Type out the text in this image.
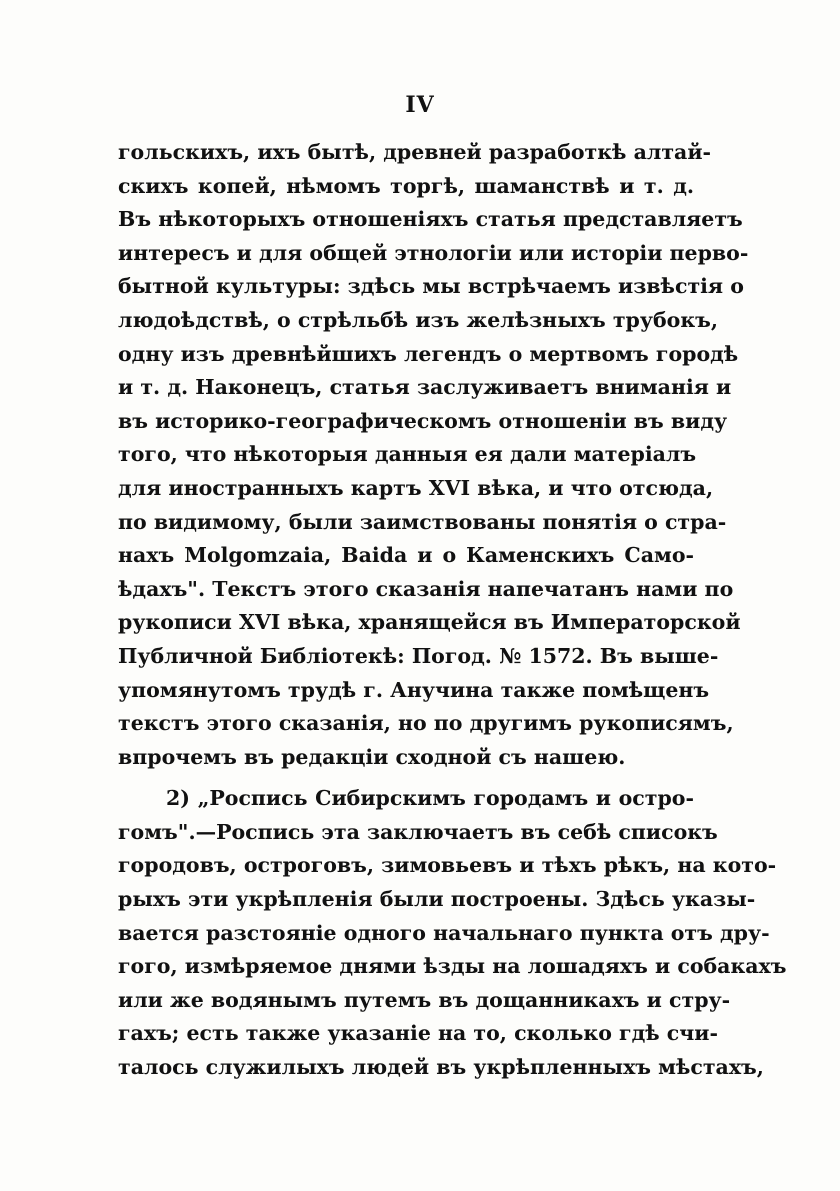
IV
гольскихъ, ихъ бытѣ, древней разработкѣ алтай-
скихъ копей, нѣмомъ торгѣ, шаманствѣ и т. д.
Въ нѣкоторыхъ отношеніяхъ статья представляетъ
интересъ и для общей этнологіи или исторіи перво-
бытной культуры: здѣсь мы встрѣчаемъ извѣстія о
людоѣдствѣ, о стрѣльбѣ изъ желѣзныхъ трубокъ,
одну изъ древнѣйшихъ легендъ о мертвомъ городѣ
и т. д. Наконецъ, статья заслуживаетъ вниманія и
въ историко-географическомъ отношеніи въ виду
того, что нѣкоторыя данныя ея дали матеріалъ
для иностранныхъ картъ XVI вѣка, и что отсюда,
по видимому, были заимствованы понятія о стра-
нахъ Molgomzaia, Baida и о Каменскихъ Само-
ѣдахъ". Текстъ этого сказанія напечатанъ нами по
рукописи XVI вѣка, хранящейся въ Императорской
Публичной Библіотекѣ: Погод. № 1572. Въ выше-
упомянутомъ трудѣ г. Анучина также помѣщенъ
текстъ этого сказанія, но по другимъ рукописямъ,
впрочемъ въ редакціи сходной съ нашею.
2) „Роспись Сибирскимъ городамъ и остро-
гомъ".—Роспись эта заключаетъ въ себѣ списокъ
городовъ, остроговъ, зимовьевъ и тѣхъ рѣкъ, на кото-
рыхъ эти укрѣпленія были построены. Здѣсь указы-
вается разстояніе одного начальнаго пункта отъ дру-
гого, измѣряемое днями ѣзды на лошадяхъ и собакахъ
или же водянымъ путемъ въ дощанникахъ и стру-
гахъ; есть также указаніе на то, сколько гдѣ счи-
талось служилыхъ людей въ укрѣпленныхъ мѣстахъ,
